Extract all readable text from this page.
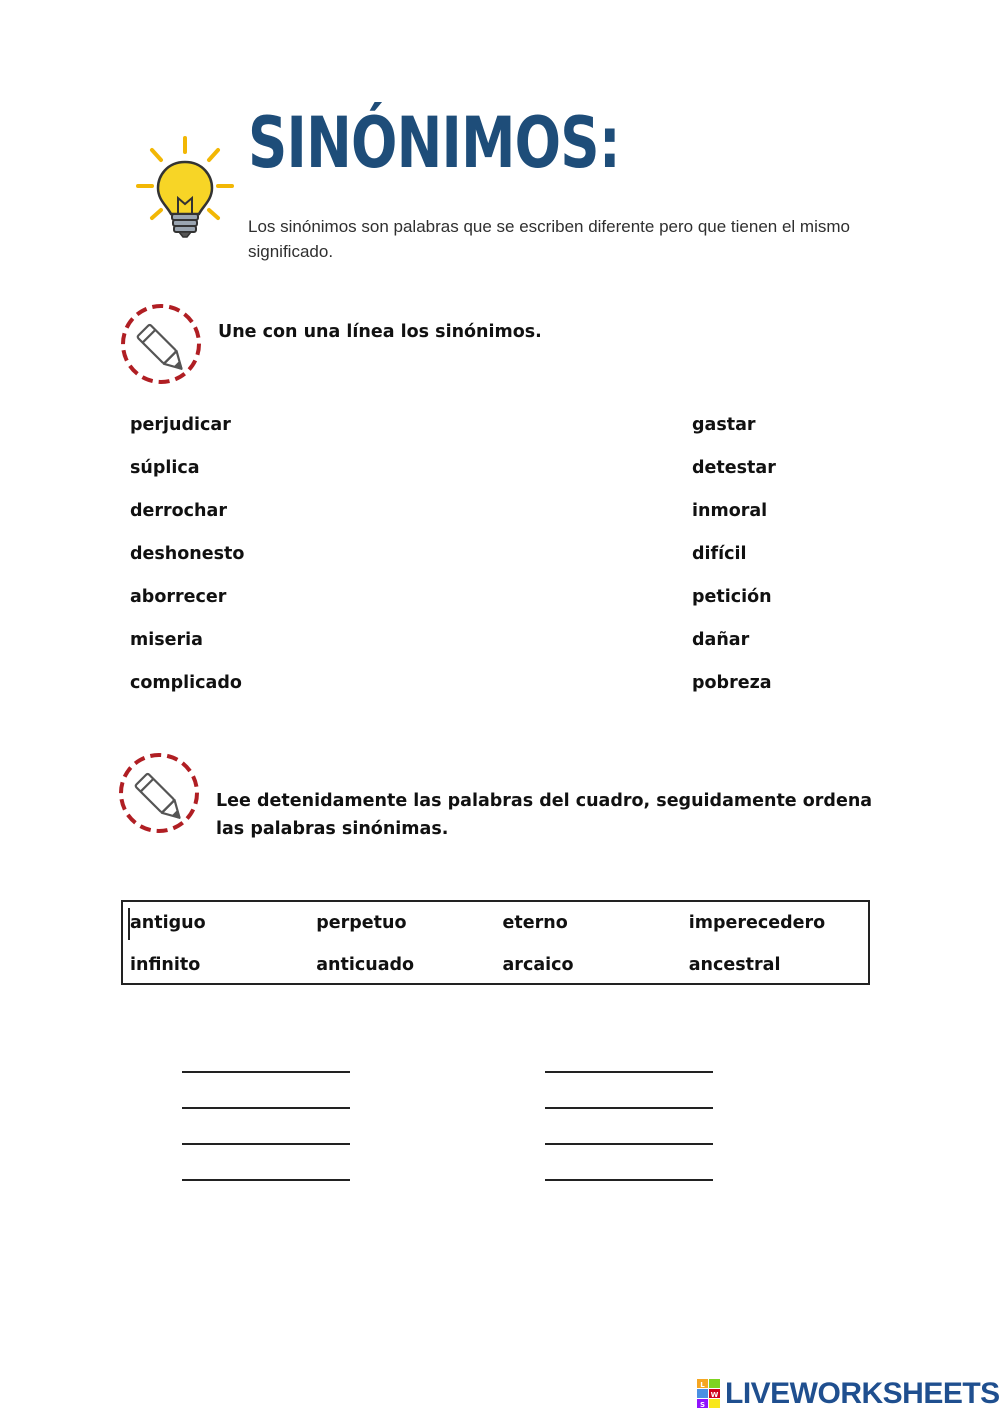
SINÓNIMOS:
Los sinónimos son palabras que se escriben diferente pero que tienen el mismo significado.
Une con una línea los sinónimos.
perjudicar
súplica
derrochar
deshonesto
aborrecer
miseria
complicado
gastar
detestar
inmoral
difícil
petición
dañar
pobreza
Lee detenidamente las palabras del cuadro, seguidamente ordena las palabras sinónimas.
antiguo	perpetuo	eterno	imperecedero
infinito	anticuado	arcaico	ancestral
L
W
S LIVEWORKSHEETS
